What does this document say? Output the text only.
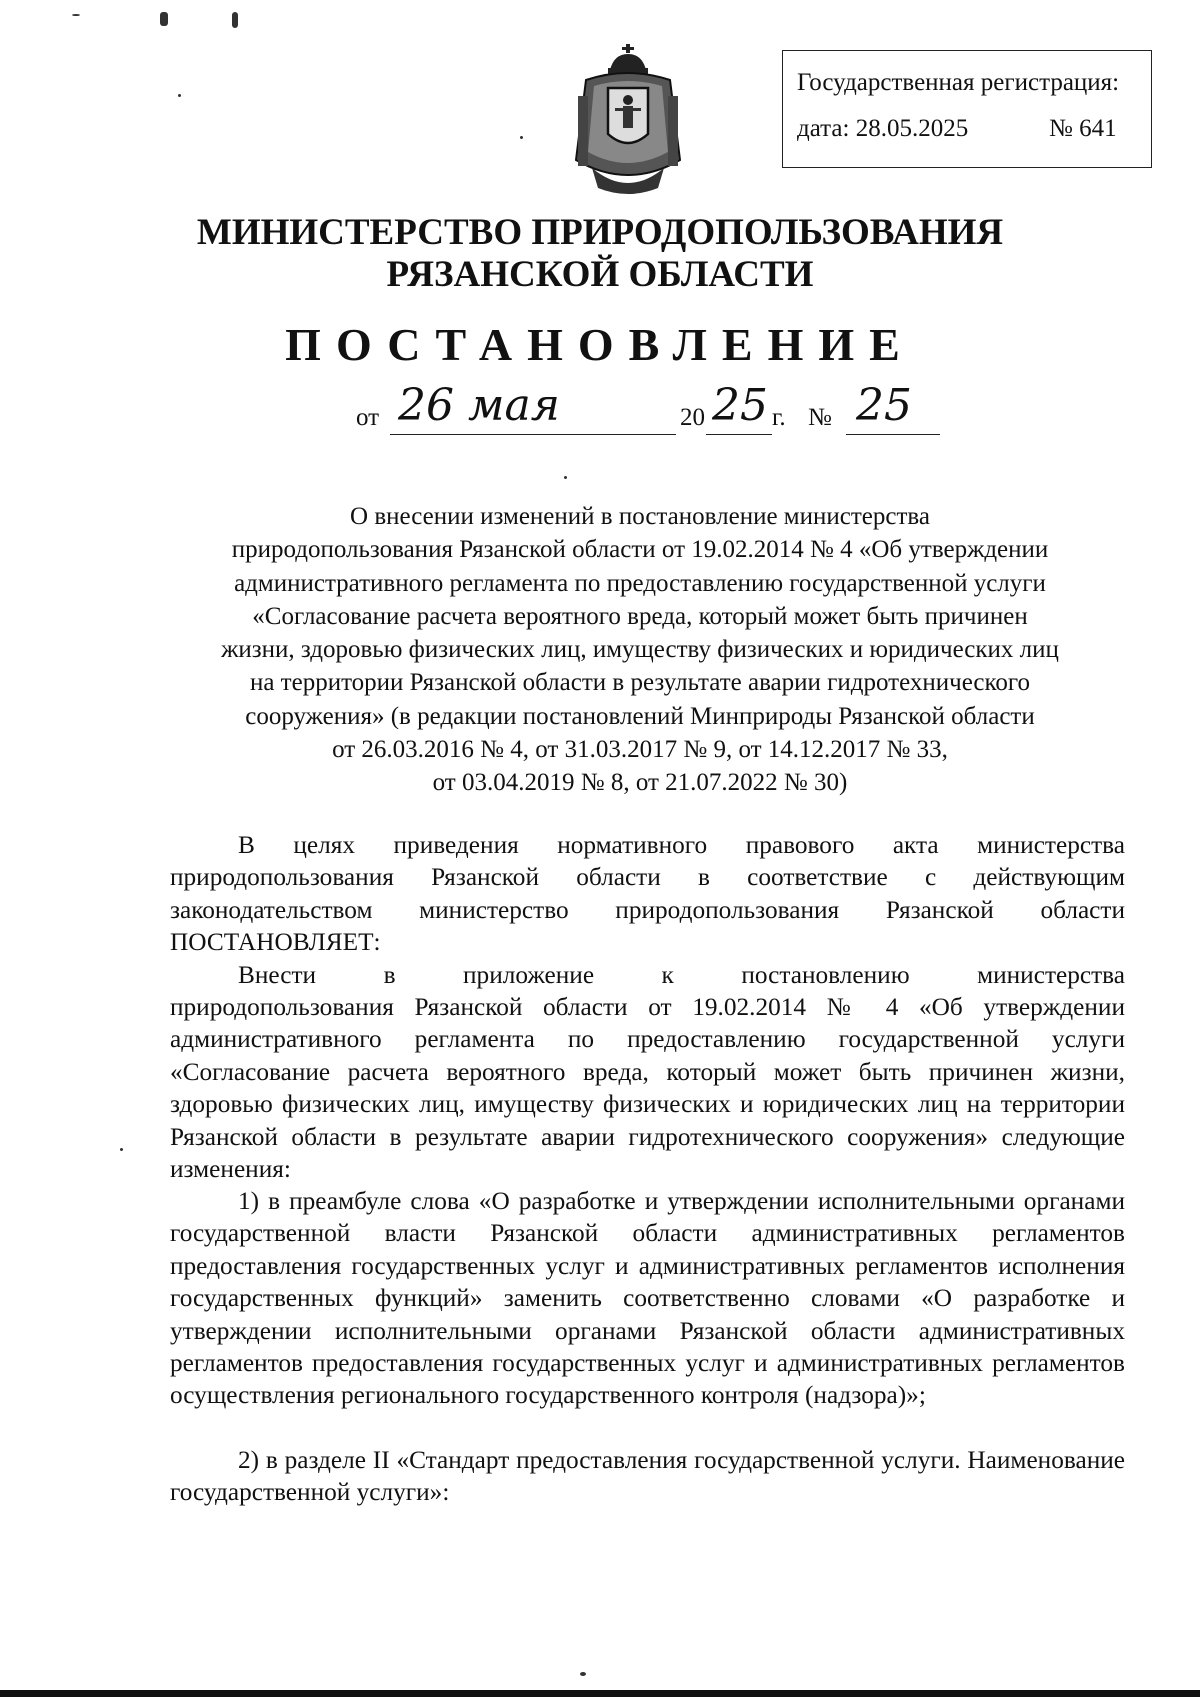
Государственная регистрация:
дата: 28.05.2025	№ 641
МИНИСТЕРСТВО ПРИРОДОПОЛЬЗОВАНИЯ
РЯЗАНСКОЙ ОБЛАСТИ
ПОСТАНОВЛЕНИЕ
от 26 мая	20 25 г. № 25
О внесении изменений в постановление министерства
природопользования Рязанской области от 19.02.2014 № 4 «Об утверждении
административного регламента по предоставлению государственной услуги
«Согласование расчета вероятного вреда, который может быть причинен
жизни, здоровью физических лиц, имуществу физических и юридических лиц
на территории Рязанской области в результате аварии гидротехнического
сооружения» (в редакции постановлений Минприроды Рязанской области
от 26.03.2016 № 4, от 31.03.2017 № 9, от 14.12.2017 № 33,
от 03.04.2019 № 8, от 21.07.2022 № 30)
В целях приведения нормативного правового акта министерства природопользования Рязанской области в соответствие с действующим законодательством министерство природопользования Рязанской области ПОСТАНОВЛЯЕТ:
Внести в приложение к постановлению министерства
природопользования Рязанской области от 19.02.2014 № 4 «Об утверждении административного регламента по предоставлению государственной услуги «Согласование расчета вероятного вреда, который может быть причинен жизни, здоровью физических лиц, имуществу физических и юридических лиц на территории Рязанской области в результате аварии гидротехнического сооружения» следующие изменения:
1) в преамбуле слова «О разработке и утверждении исполнительными органами государственной власти Рязанской области административных регламентов предоставления государственных услуг и административных регламентов исполнения государственных функций» заменить соответственно словами «О разработке и утверждении исполнительными органами Рязанской области административных регламентов предоставления государственных услуг и административных регламентов осуществления регионального государственного контроля (надзора)»;
2) в разделе II «Стандарт предоставления государственной услуги. Наименование государственной услуги»:
